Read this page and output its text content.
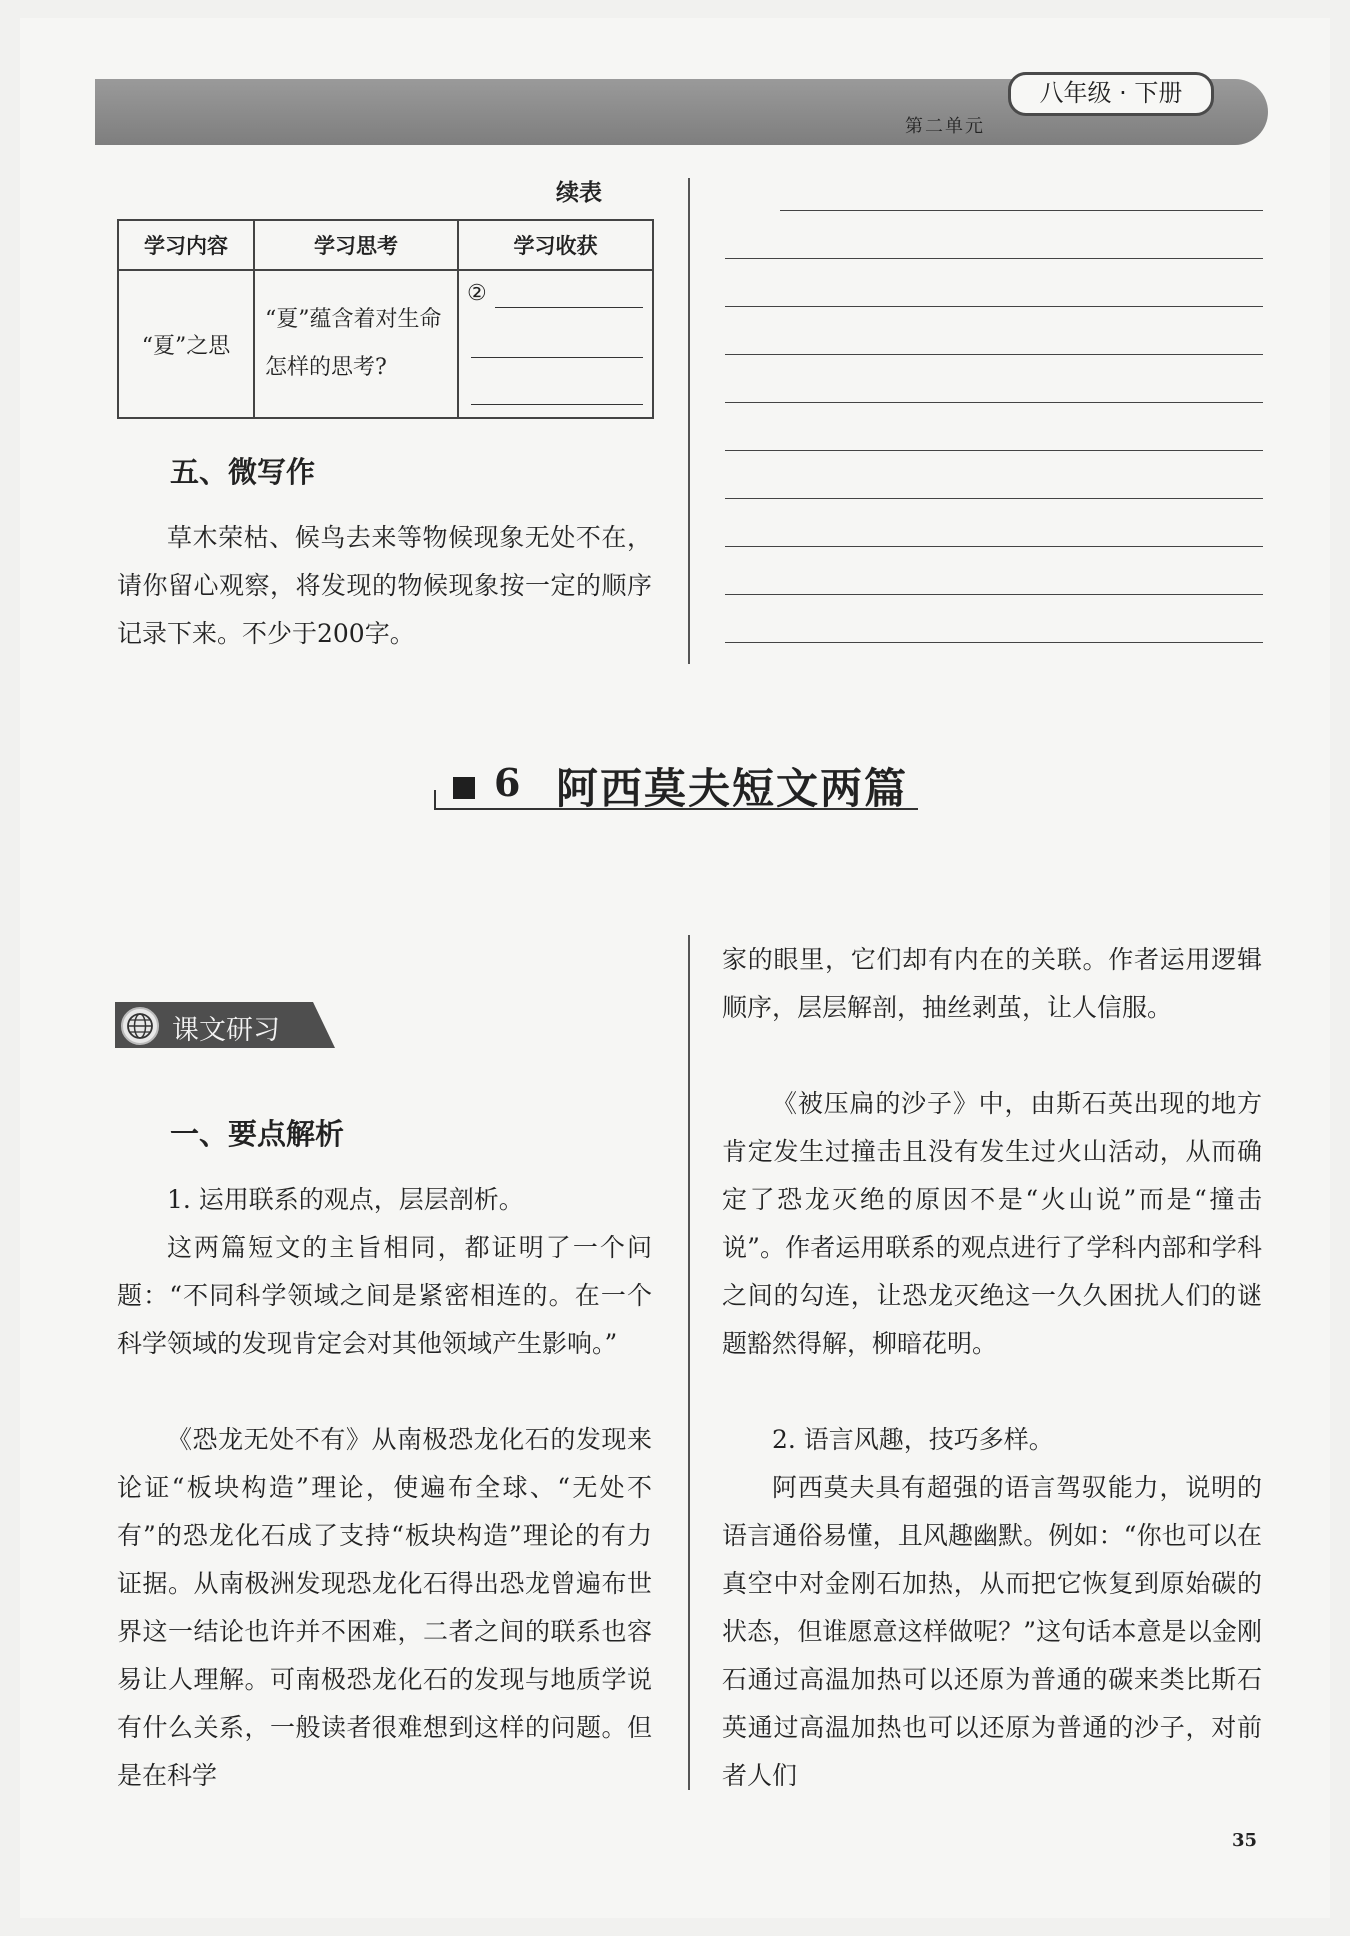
八年级 · 下册
第二单元
续表
学习内容	学习思考	学习收获
“夏”之思	“夏”蕴含着对生命怎样的思考?	②
五、微写作

草木荣枯、候鸟去来等物候现象无处不在，请你留心观察，将发现的物候现象按一定的顺序记录下来。不少于200字。

6 阿西莫夫短文两篇
课文研习
一、要点解析

1. 运用联系的观点，层层剖析。

这两篇短文的主旨相同，都证明了一个问题：“不同科学领域之间是紧密相连的。在一个科学领域的发现肯定会对其他领域产生影响。”

《恐龙无处不有》从南极恐龙化石的发现来论证“板块构造”理论，使遍布全球、“无处不有”的恐龙化石成了支持“板块构造”理论的有力证据。从南极洲发现恐龙化石得出恐龙曾遍布世界这一结论也许并不困难，二者之间的联系也容易让人理解。可南极恐龙化石的发现与地质学说有什么关系，一般读者很难想到这样的问题。但是在科学

家的眼里，它们却有内在的关联。作者运用逻辑顺序，层层解剖，抽丝剥茧，让人信服。

《被压扁的沙子》中，由斯石英出现的地方肯定发生过撞击且没有发生过火山活动，从而确定了恐龙灭绝的原因不是“火山说”而是“撞击说”。作者运用联系的观点进行了学科内部和学科之间的勾连，让恐龙灭绝这一久久困扰人们的谜题豁然得解，柳暗花明。

2. 语言风趣，技巧多样。

阿西莫夫具有超强的语言驾驭能力，说明的语言通俗易懂，且风趣幽默。例如：“你也可以在真空中对金刚石加热，从而把它恢复到原始碳的状态，但谁愿意这样做呢？”这句话本意是以金刚石通过高温加热可以还原为普通的碳来类比斯石英通过高温加热也可以还原为普通的沙子，对前者人们

35
